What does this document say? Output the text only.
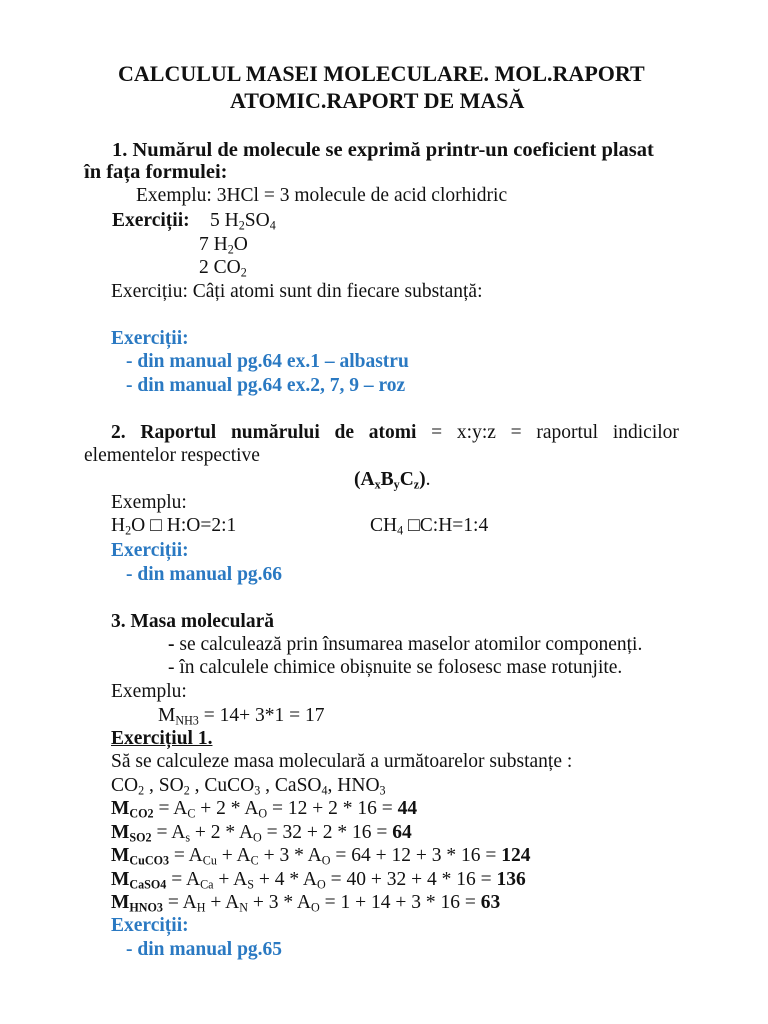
CALCULUL MASEI MOLECULARE. MOL.RAPORT
ATOMIC.RAPORT DE MASĂ
1. Numărul de molecule se exprimă printr-un coeficient plasat
în fața formulei:
Exemplu: 3HCl = 3 molecule de acid clorhidric
Exerciții: 5 $H_2SO_4$
7 $H_2O$
2 $CO_2$
Exercițiu: Câți atomi sunt din fiecare substanță:
Exerciții:
- din manual pg.64 ex.1 – albastru
- din manual pg.64 ex.2, 7, 9 – roz
2. Raportul numărului de atomi = x:y:z = raportul indicilor
elementelor respective
$(A_xB_yC_z)$.
Exemplu:
$H_2O$ □ H:O=2:1	$CH_4$ □C:H=1:4
Exerciții:
- din manual pg.66
3. Masa moleculară
- se calculează prin însumarea maselor atomilor componenți.
- în calculele chimice obișnuite se folosesc mase rotunjite.
Exemplu:
$M_{NH3} = 14+ 3*1 = 17$
Exercițiul 1.
Să se calculeze masa moleculară a următoarelor substanțe :
$CO_2$ , $SO_2$ , CuCO$_3$ , CaSO$_4$, $HNO_3$
$M_{CO2} = A_C + 2 * A_O = 12 + 2 * 16 = 44$
$M_{SO2} = A_s + 2 * A_O = 32 + 2 * 16 = 64$
$M_{CuCO3} = A_{Cu} + A_C + 3 * A_O = 64 + 12 + 3 * 16 = 124$
$M_{CaSO4} = A_{Ca} + A_S + 4 * A_O = 40 + 32 + 4 * 16 = 136$
$M_{HNO3} = A_H + A_N + 3 * A_O = 1 + 14 + 3 * 16 = 63$
Exerciții:
- din manual pg.65
